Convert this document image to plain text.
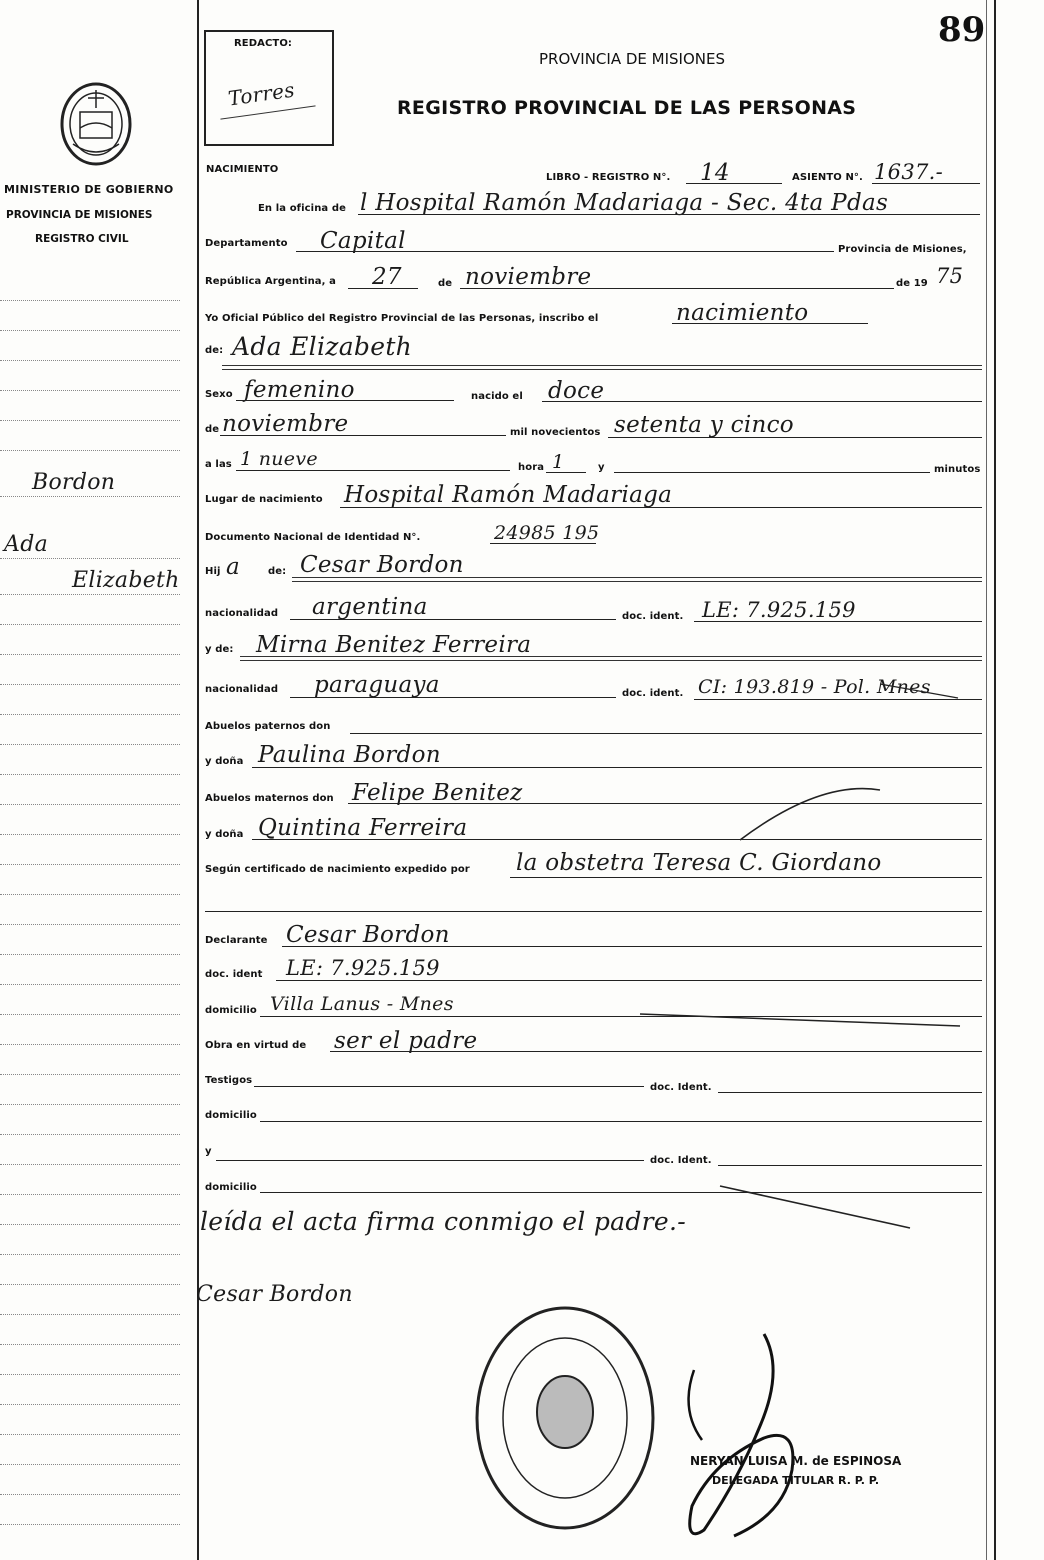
89
MINISTERIO DE GOBIERNO
PROVINCIA DE MISIONES
REGISTRO CIVIL
Bordon
Ada
Elizabeth
REDACTO:
Torres
PROVINCIA DE MISIONES
REGISTRO PROVINCIAL DE LAS PERSONAS
NACIMIENTO
LIBRO - REGISTRO N°. 14	ASIENTO N°. 1637.-
En la oficina de l Hospital Ramón Madariaga - Sec. 4ta Pdas
Departamento Capital	Provincia de Misiones,
República Argentina, a 27	de noviembre	de 19 75
Yo Oficial Público del Registro Provincial de las Personas, inscribo el	nacimiento
de: Ada Elizabeth
Sexo femenino	nacido el doce
de noviembre	mil novecientos setenta y cinco
a las 1 nueve	hora 1	y	minutos
Lugar de nacimiento Hospital Ramón Madariaga
Documento Nacional de Identidad N°.	24985 195
Hij a	de: Cesar Bordon
nacionalidad argentina	doc. ident. LE: 7.925.159
y de: Mirna Benitez Ferreira
nacionalidad paraguaya	doc. ident. CI: 193.819 - Pol. Mnes
Abuelos paternos don
y doña Paulina Bordon
Abuelos maternos don Felipe Benitez
y doña Quintina Ferreira
Según certificado de nacimiento expedido por la obstetra Teresa C. Giordano
Declarante Cesar Bordon
doc. ident LE: 7.925.159
domicilio Villa Lanus - Mnes
Obra en virtud de ser el padre
Testigos
doc. Ident.
domicilio
y
doc. Ident.
domicilio
leída el acta firma conmigo el padre.-
Cesar Bordon
NERYAN LUISA M. de ESPINOSA
DELEGADA TITULAR R. P. P.
